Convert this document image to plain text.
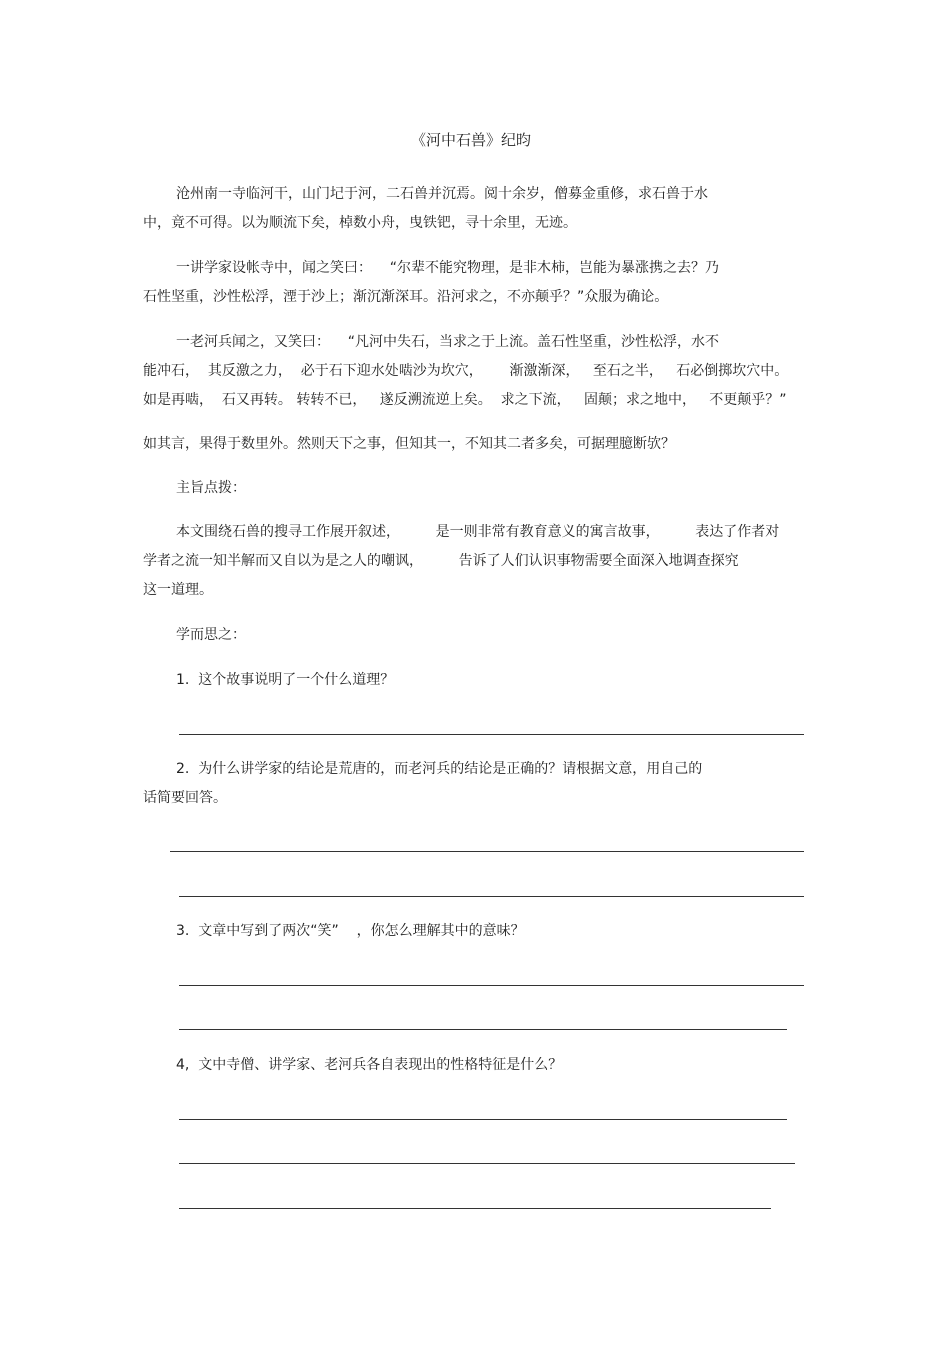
《河中石兽》纪昀
沧州南一寺临河干，山门圮于河，二石兽并沉焉。阅十余岁，僧募金重修，求石兽于水
中，竟不可得。以为顺流下矣，棹数小舟，曳铁钯，寻十余里，无迹。
一讲学家设帐寺中，闻之笑曰：    “尔辈不能究物理，是非木柿，岂能为暴涨携之去？乃
石性坚重，沙性松浮，湮于沙上；渐沉渐深耳。沿河求之，不亦颠乎？”众服为确论。
一老河兵闻之，又笑曰：    “凡河中失石，当求之于上流。盖石性坚重，沙性松浮，水不
能冲石，  其反激之力，  必于石下迎水处啮沙为坎穴，      渐激渐深，   至石之半，   石必倒掷坎穴中。
如是再啮，  石又再转。 转转不已，   遂反溯流逆上矣。  求之下流，   固颠；求之地中，   不更颠乎？”
如其言，果得于数里外。然则天下之事，但知其一，不知其二者多矣，可据理臆断欤？
主旨点拨：
本文围绕石兽的搜寻工作展开叙述，        是一则非常有教育意义的寓言故事，        表达了作者对
学者之流一知半解而又自以为是之人的嘲讽，        告诉了人们认识事物需要全面深入地调查探究
这一道理。
学而思之：
1.  这个故事说明了一个什么道理？
2.  为什么讲学家的结论是荒唐的，而老河兵的结论是正确的？请根据文意，用自己的
话简要回答。
3.  文章中写到了两次“笑”    ，你怎么理解其中的意味？
4,  文中寺僧、讲学家、老河兵各自表现出的性格特征是什么？
